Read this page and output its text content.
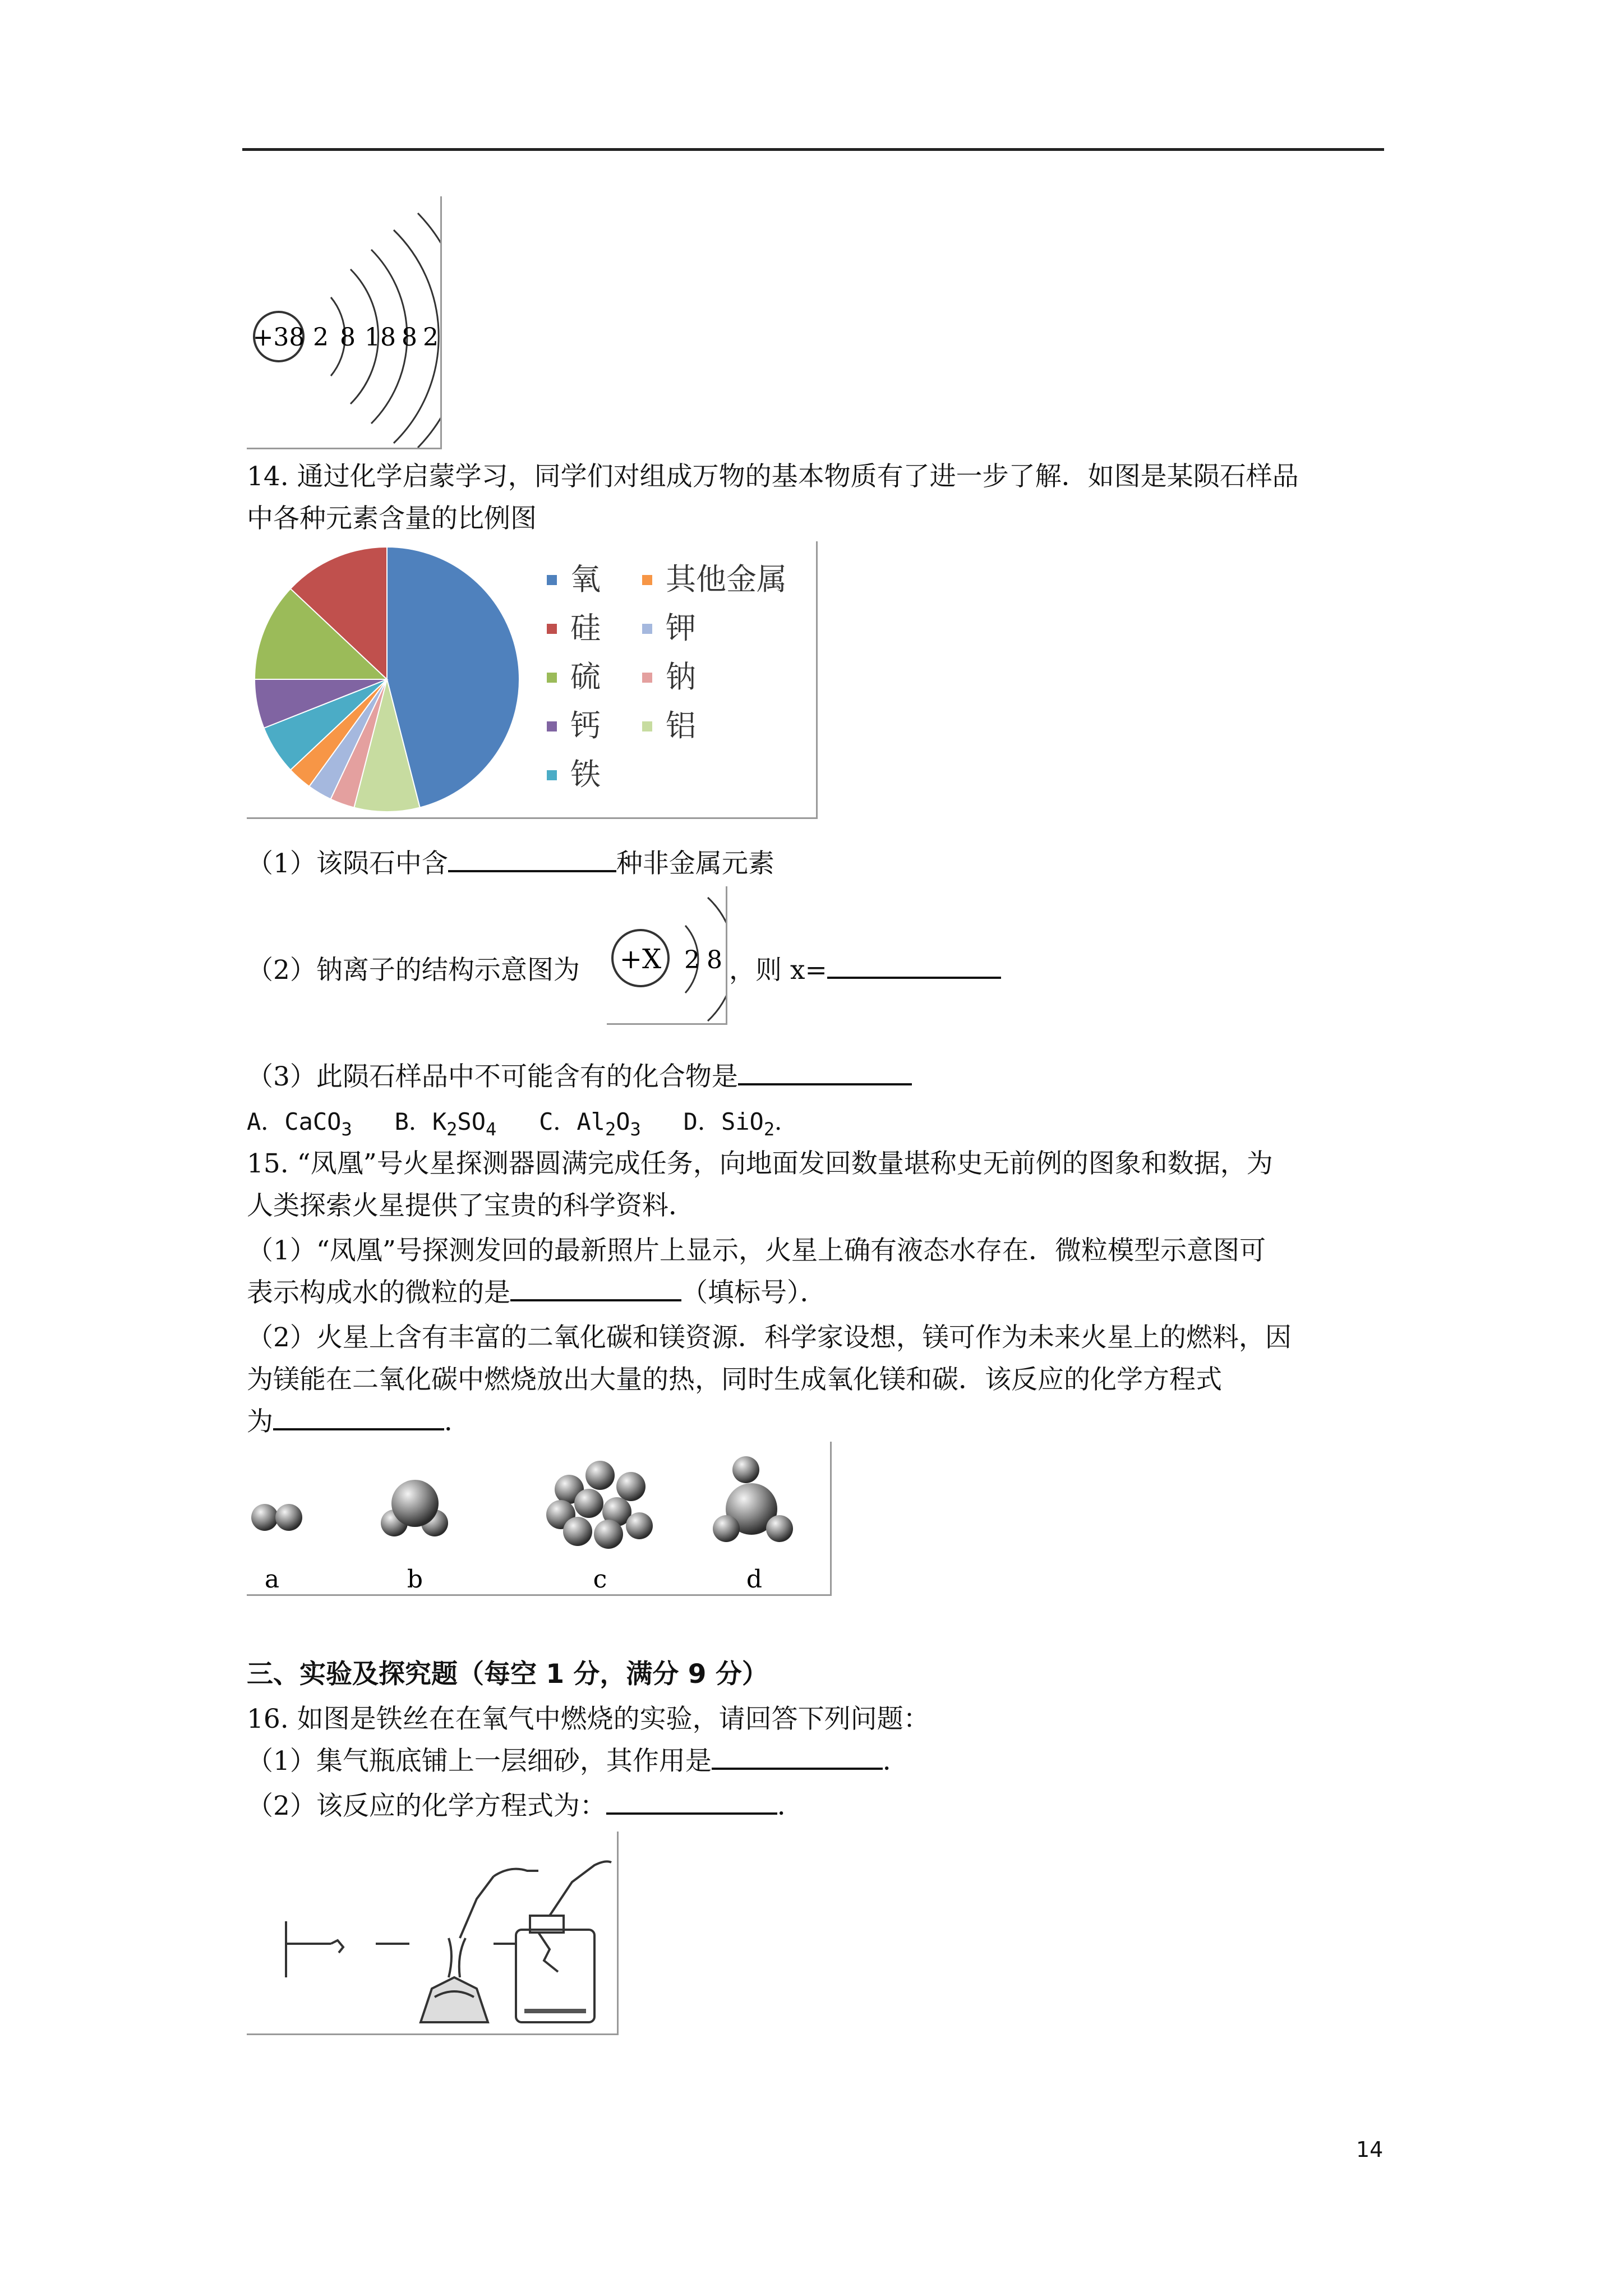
+38 2 8 18 8 2
14. 通过化学启蒙学习，同学们对组成万物的基本物质有了进一步了解．如图是某陨石样品
中各种元素含量的比例图
氧
硅
硫
钙
铁
其他金属
钾
钠
铝
（1）该陨石中含	种非金属元素
（2）钠离子的结构示意图为 +X 2 8 ，则 x=
（3）此陨石样品中不可能含有的化合物是
A．CaCO$_3$ B．$K_2SO_4$ C．$Al_2O_3$ D．SiO$_2$．
15. “凤凰”号火星探测器圆满完成任务，向地面发回数量堪称史无前例的图象和数据，为
人类探索火星提供了宝贵的科学资料．
（1）“凤凰”号探测发回的最新照片上显示，火星上确有液态水存在．微粒模型示意图可
表示构成水的微粒的是	（填标号）．
（2）火星上含有丰富的二氧化碳和镁资源．科学家设想，镁可作为未来火星上的燃料，因
为镁能在二氧化碳中燃烧放出大量的热，同时生成氧化镁和碳．该反应的化学方程式
为	．
a	b	c	d
三、实验及探究题（每空 1 分，满分 9 分）
16. 如图是铁丝在在氧气中燃烧的实验，请回答下列问题：
（1）集气瓶底铺上一层细砂，其作用是	．
（2）该反应的化学方程式为：	．
14
